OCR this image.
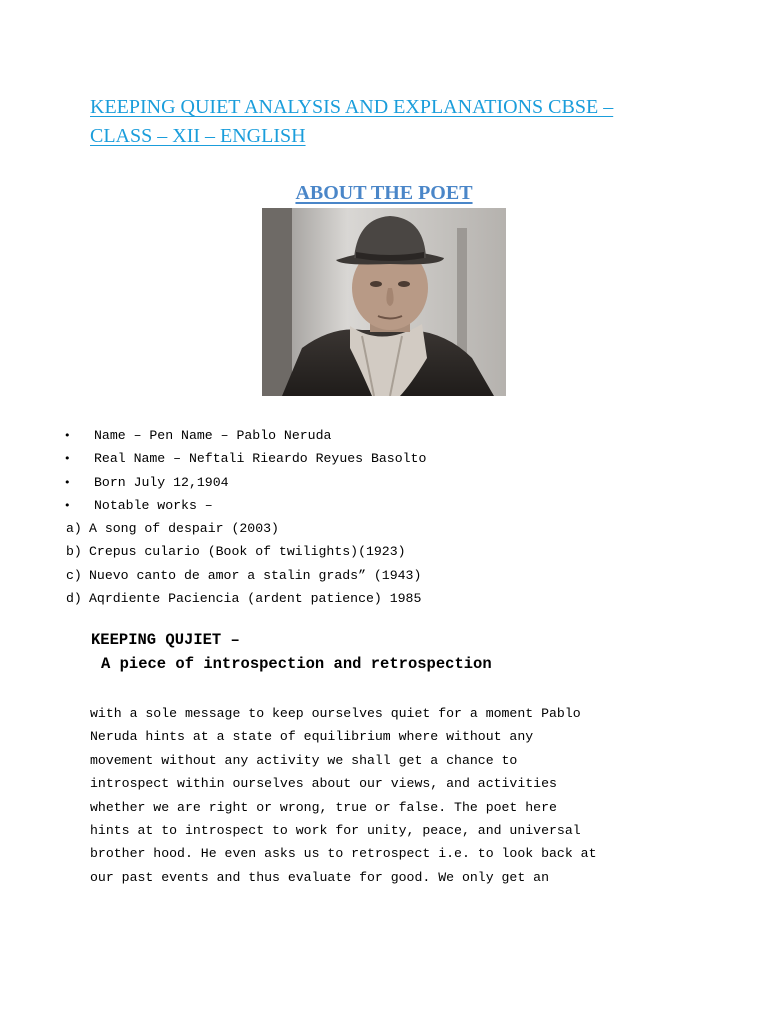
KEEPING QUIET ANALYSIS AND EXPLANATIONS CBSE –
CLASS – XII – ENGLISH
ABOUT THE POET
• Name – Pen Name – Pablo Neruda
• Real Name – Neftali Rieardo Reyues Basolto
• Born July 12,1904
• Notable works –
a) A song of despair (2003)
b) Crepus culario (Book of twilights)(1923)
c) Nuevo canto de amor a stalin grads” (1943)
d) Aqrdiente Paciencia (ardent patience) 1985
KEEPING QUJIET –
A piece of introspection and retrospection
with a sole message to keep ourselves quiet for a moment Pablo
Neruda hints at a state of equilibrium where without any
movement without any activity we shall get a chance to
introspect within ourselves about our views, and activities
whether we are right or wrong, true or false. The poet here
hints at to introspect to work for unity, peace, and universal
brother hood. He even asks us to retrospect i.e. to look back at
our past events and thus evaluate for good. We only get an
